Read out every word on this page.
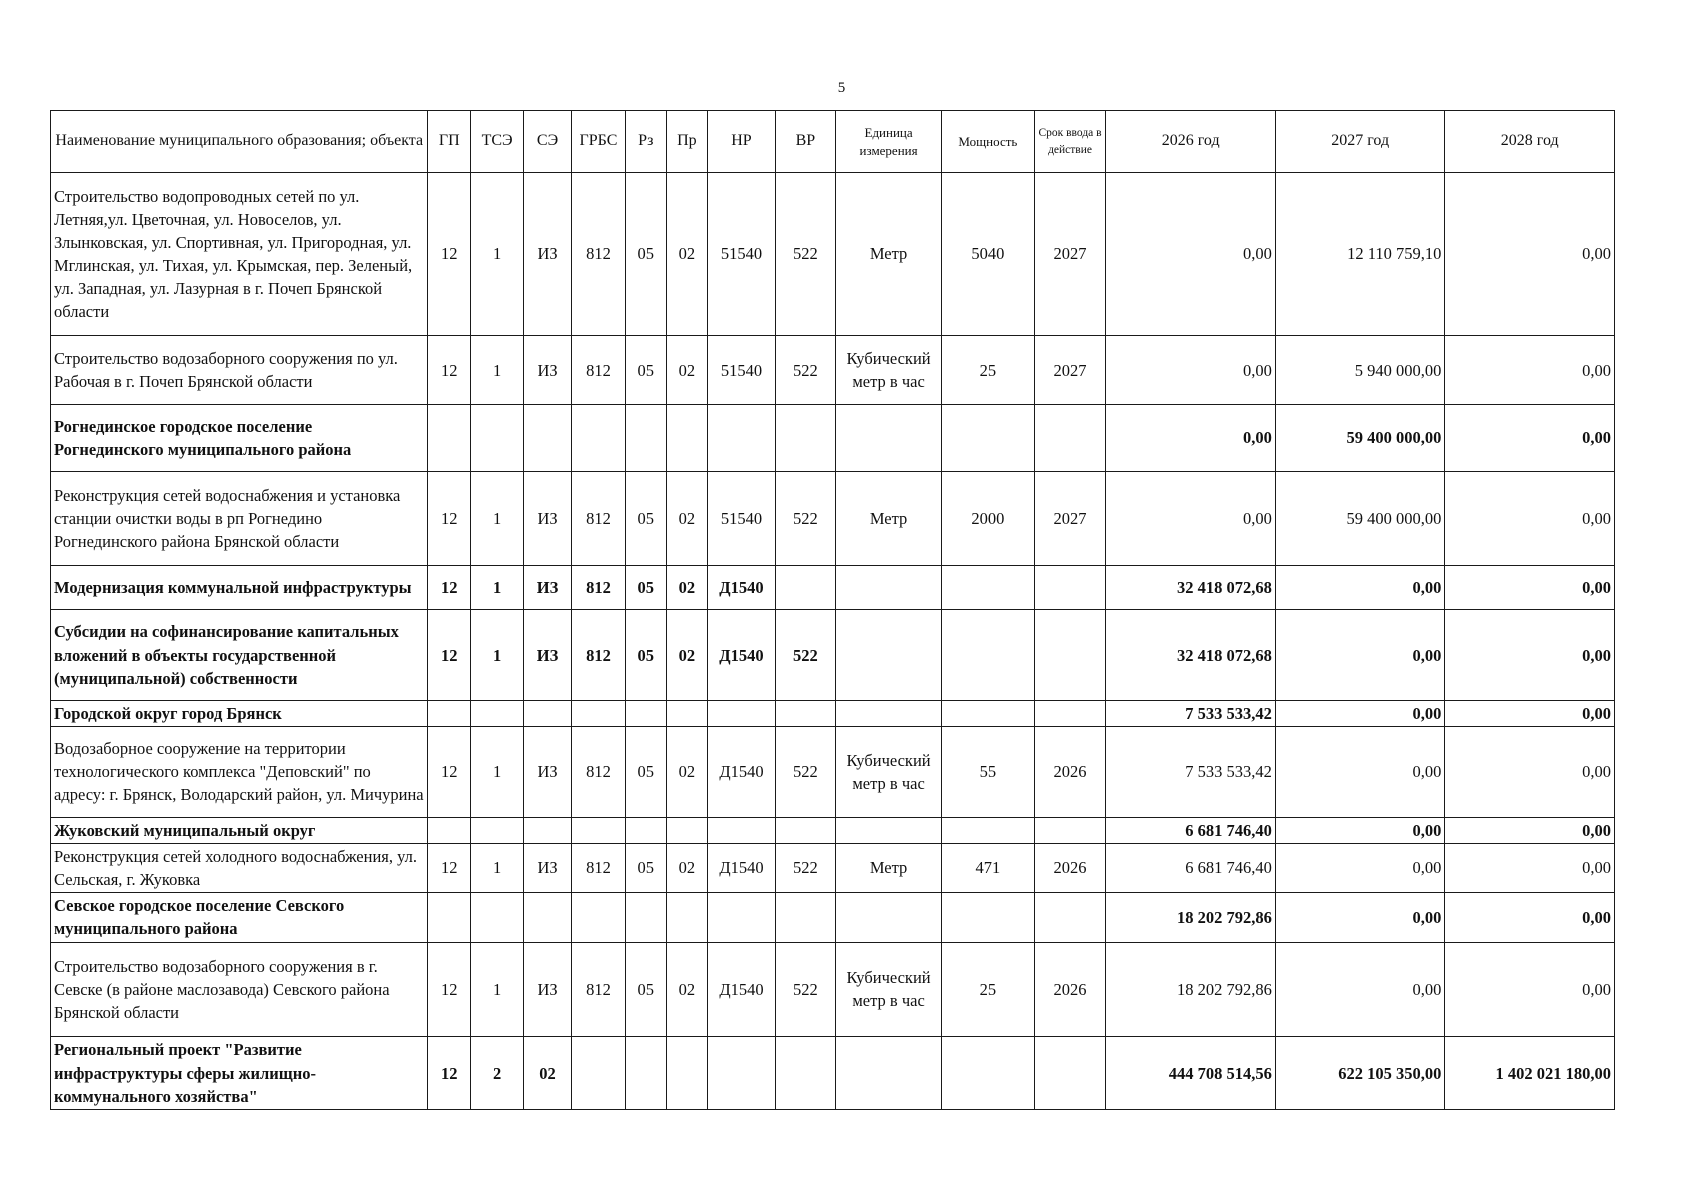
5
Наименование муниципального образования; объекта	ГП	ТСЭ	СЭ	ГРБС	Рз	Пр	НР	ВР	Единица измерения	Мощность	Срок ввода в действие	2026 год	2027 год	2028 год
Строительство водопроводных сетей по ул. Летняя,ул. Цветочная, ул. Новоселов, ул. Злынковская, ул. Спортивная, ул. Пригородная, ул. Мглинская, ул. Тихая, ул. Крымская, пер. Зеленый, ул. Западная, ул. Лазурная в г. Почеп Брянской области	12	1	ИЗ	812	05	02	51540	522	Метр	5040	2027	0,00	12 110 759,10	0,00
Строительство водозаборного сооружения по ул. Рабочая в г. Почеп Брянской области	12	1	ИЗ	812	05	02	51540	522	Кубический метр в час	25	2027	0,00	5 940 000,00	0,00
Рогнединское городское поселение Рогнединского муниципального района												0,00	59 400 000,00	0,00
Реконструкция сетей водоснабжения и установка станции очистки воды в рп Рогнедино Рогнединского района Брянской области	12	1	ИЗ	812	05	02	51540	522	Метр	2000	2027	0,00	59 400 000,00	0,00
Модернизация коммунальной инфраструктуры	12	1	ИЗ	812	05	02	Д1540					32 418 072,68	0,00	0,00
Субсидии на софинансирование капитальных вложений в объекты государственной (муниципальной) собственности	12	1	ИЗ	812	05	02	Д1540	522				32 418 072,68	0,00	0,00
Городской округ город Брянск												7 533 533,42	0,00	0,00
Водозаборное сооружение на территории технологического комплекса "Деповский" по адресу: г. Брянск, Володарский район, ул. Мичурина	12	1	ИЗ	812	05	02	Д1540	522	Кубический метр в час	55	2026	7 533 533,42	0,00	0,00
Жуковский муниципальный округ												6 681 746,40	0,00	0,00
Реконструкция сетей холодного водоснабжения, ул. Сельская, г. Жуковка	12	1	ИЗ	812	05	02	Д1540	522	Метр	471	2026	6 681 746,40	0,00	0,00
Севское городское поселение Севского муниципального района												18 202 792,86	0,00	0,00
Строительство водозаборного сооружения в г. Севске (в районе маслозавода) Севского района Брянской области	12	1	ИЗ	812	05	02	Д1540	522	Кубический метр в час	25	2026	18 202 792,86	0,00	0,00
Региональный проект "Развитие инфраструктуры сферы жилищно-коммунального хозяйства"	12	2	02									444 708 514,56	622 105 350,00	1 402 021 180,00
